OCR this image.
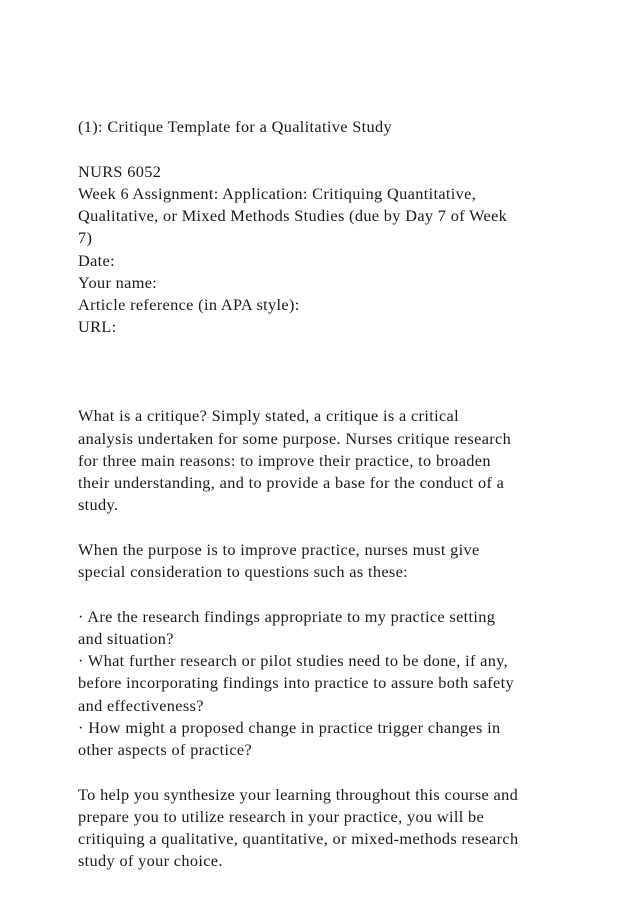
(1): Critique Template for a Qualitative Study
NURS 6052
Week 6 Assignment: Application: Critiquing Quantitative,
Qualitative, or Mixed Methods Studies (due by Day 7 of Week
7)
Date:
Your name:
Article reference (in APA style):
URL:
What is a critique? Simply stated, a critique is a critical
analysis undertaken for some purpose. Nurses critique research
for three main reasons: to improve their practice, to broaden
their understanding, and to provide a base for the conduct of a
study.
When the purpose is to improve practice, nurses must give
special consideration to questions such as these:
· Are the research findings appropriate to my practice setting
and situation?
· What further research or pilot studies need to be done, if any,
before incorporating findings into practice to assure both safety
and effectiveness?
· How might a proposed change in practice trigger changes in
other aspects of practice?
To help you synthesize your learning throughout this course and
prepare you to utilize research in your practice, you will be
critiquing a qualitative, quantitative, or mixed-methods research
study of your choice.
